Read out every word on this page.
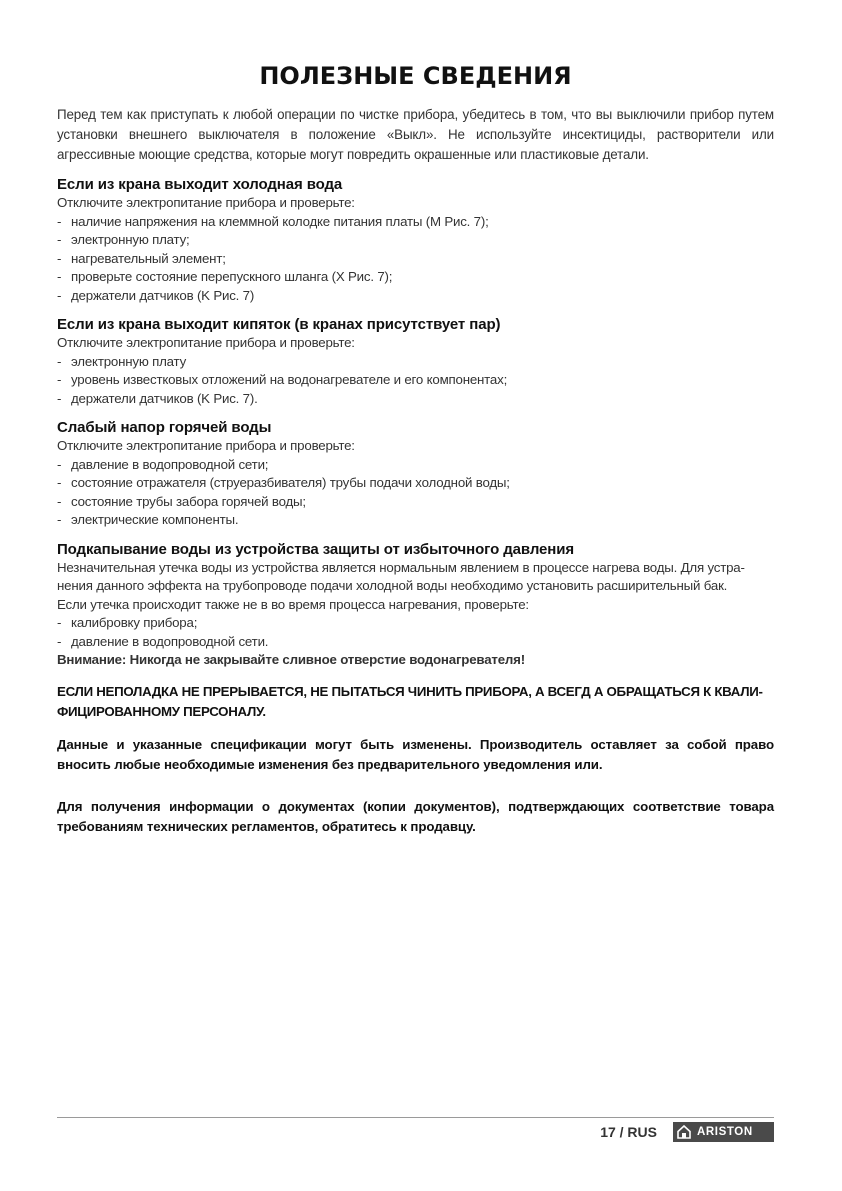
ПОЛЕЗНЫЕ СВЕДЕНИЯ

Перед тем как приступать к любой операции по чистке прибора, убедитесь в том, что вы выключили прибор путем установки внешнего выключателя в положение «Выкл». Не используйте инсектициды, растворители или агрессивные моющие средства, которые могут повредить окрашенные или пластиковые детали.

Если из крана выходит холодная вода

Отключите электропитание прибора и проверьте:

- наличие напряжения на клеммной колодке питания платы (M Рис. 7);
- электронную плату;
- нагревательный элемент;
- проверьте состояние перепускного шланга (Х Рис. 7);
- держатели датчиков (K Рис. 7)
Если из крана выходит кипяток (в кранах присутствует пар)

Отключите электропитание прибора и проверьте:

- электронную плату
- уровень известковых отложений на водонагревателе и его компонентах;
- держатели датчиков (K Рис. 7).
Слабый напор горячей воды

Отключите электропитание прибора и проверьте:

- давление в водопроводной сети;
- состояние отражателя (струеразбивателя) трубы подачи холодной воды;
- состояние трубы забора горячей воды;
- электрические компоненты.
Подкапывание воды из устройства защиты от избыточного давления

Незначительная утечка воды из устройства является нормальным явлением в процессе нагрева воды. Для устра-

нения данного эффекта на трубопроводе подачи холодной воды необходимо установить расширительный бак.

Если утечка происходит также не в во время процесса нагревания, проверьте:

- калибровку прибора;
- давление в водопроводной сети.

Внимание: Никогда не закрывайте сливное отверстие водонагревателя!

ЕСЛИ НЕПОЛАДКА НЕ ПРЕРЫВАЕТСЯ, НЕ ПЫТАТЬСЯ ЧИНИТЬ ПРИБОРА, А ВСЕГД А ОБРАЩАТЬСЯ К КВАЛИ-
ФИЦИРОВАННОМУ ПЕРСОНАЛУ.

Данные и указанные спецификации могут быть изменены. Производитель оставляет за собой право вносить любые необходимые изменения без предварительного уведомления или.

Для получения информации о документах (копии документов), подтверждающих соответствие товара требованиям технических регламентов, обратитесь к продавцу.

17 / RUS	ARISTON
